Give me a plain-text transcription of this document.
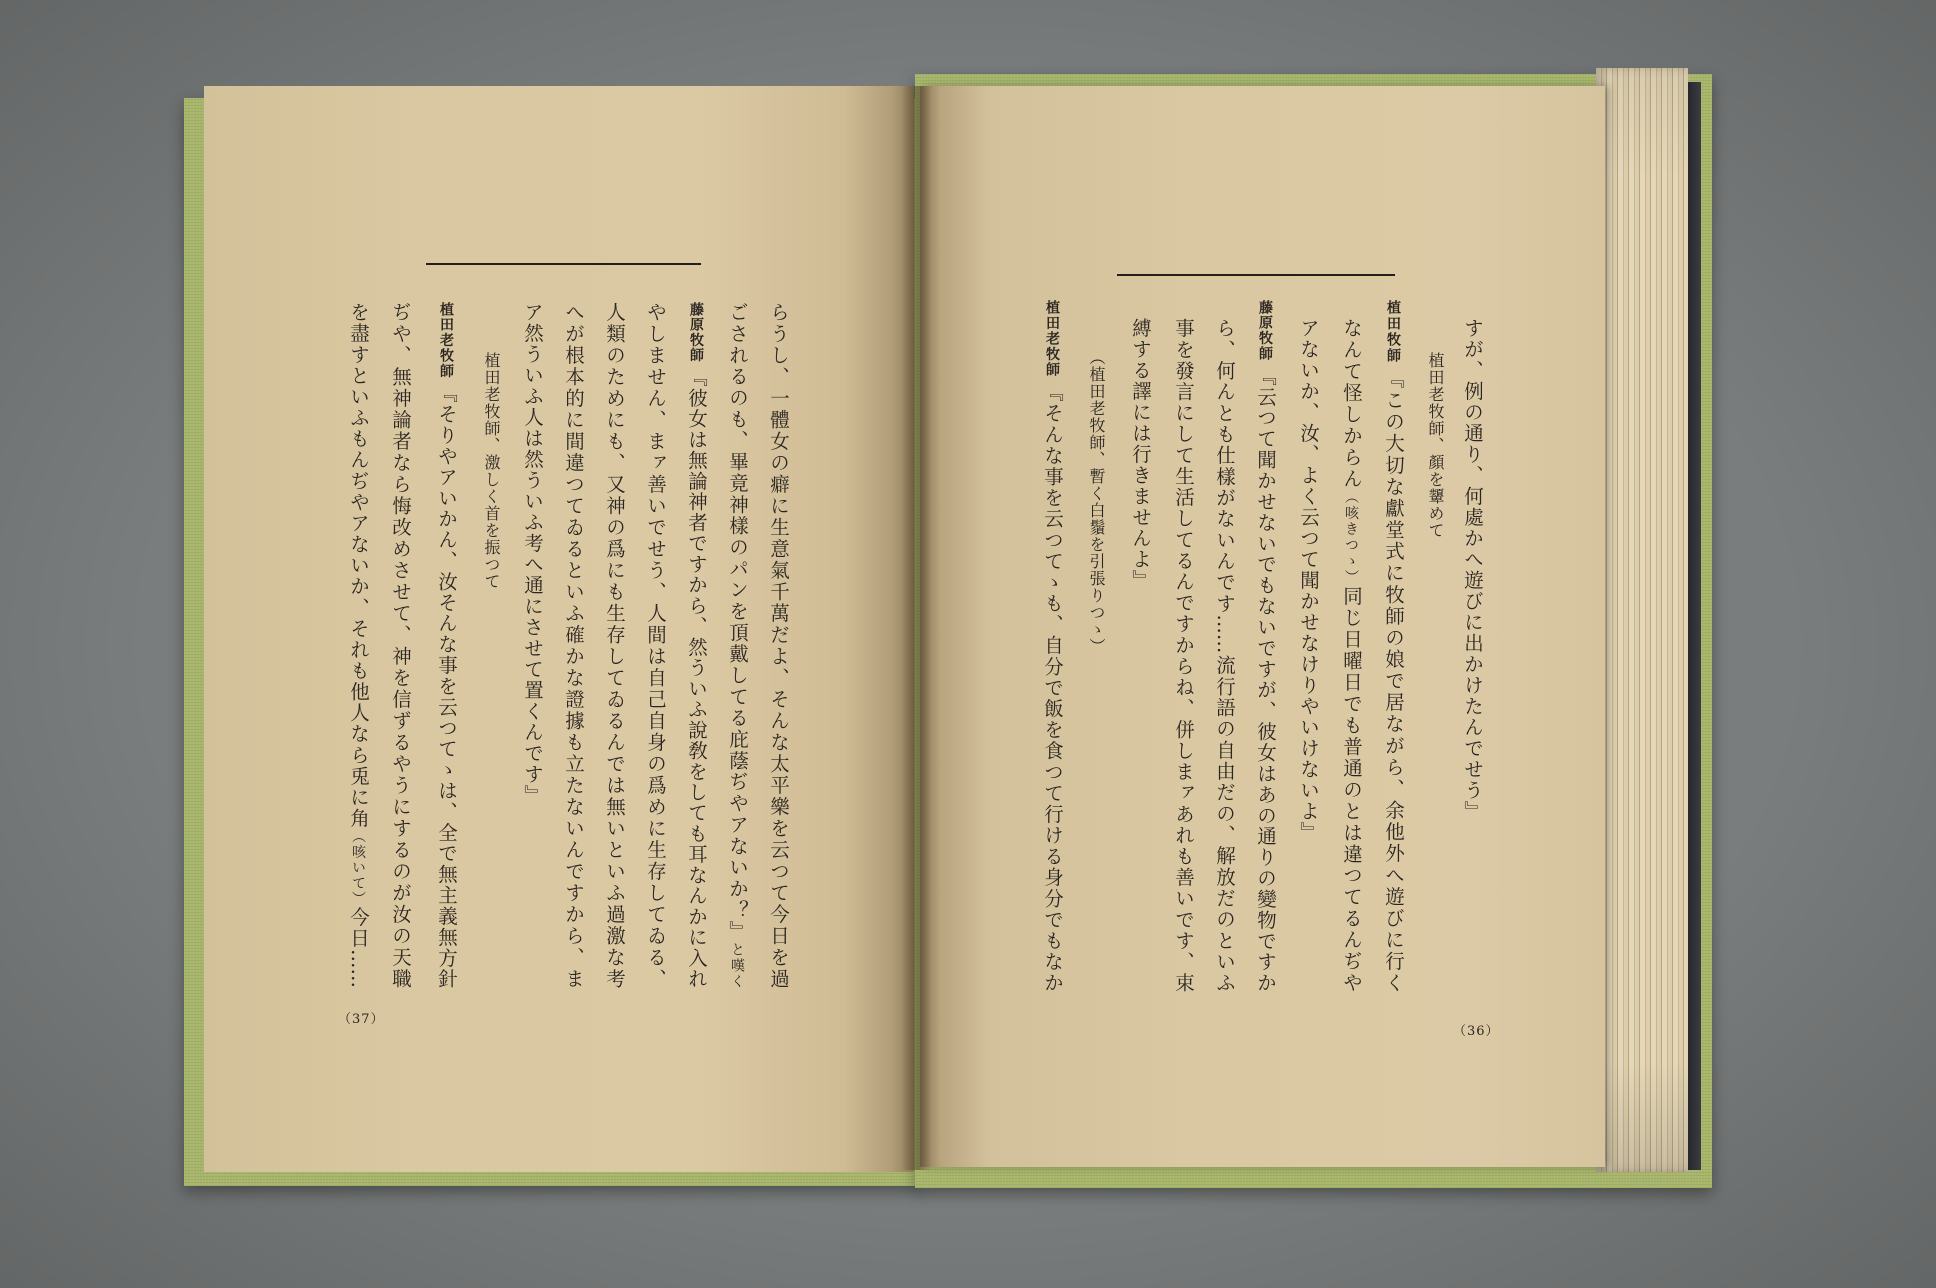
らうし、一體女の癖に生意氣千萬だよ、そんな太平樂を云つて今日を過
ごされるのも、畢竟神樣のパンを頂戴してる庇蔭ぢやアないか？』と嘆く
藤原牧師『彼女は無論神者ですから、然ういふ說敎をしても耳なんかに入れ
やしません、まァ善いでせう、人間は自己自身の爲めに生存してゐる、
人類のためにも、又神の爲にも生存してゐるんでは無いといふ過激な考
へが根本的に間違つてゐるといふ確かな證據も立たないんですから、ま
ア然ういふ人は然ういふ考へ通にさせて置くんです』
植田老牧師、激しく首を振つて
植田老牧師『そりやアいかん、汝そんな事を云つてゝは、全で無主義無方針
ぢや、無神論者なら悔改めさせて、神を信ずるやうにするのが汝の天職
を盡すといふもんぢやアないか、それも他人なら兎に角（咳いて）今日……
（37）
すが、例の通り、何處かへ遊びに出かけたんでせう』
植田老牧師、顏を顰めて
植田牧師『この大切な獻堂式に牧師の娘で居ながら、余他外へ遊びに行く
なんて怪しからん（咳きつゝ）同じ日曜日でも普通のとは違つてるんぢや
アないか、汝、よく云つて聞かせなけりやいけないよ』
藤原牧師『云つて聞かせないでもないですが、彼女はあの通りの變物ですか
ら、何んとも仕樣がないんです……流行語の自由だの、解放だのといふ
事を發言にして生活してるんですからね、併しまァあれも善いです、束
縛する譯には行きませんよ』
（植田老牧師、暫く白鬚を引張りつゝ）
植田老牧師『そんな事を云つてゝも、自分で飯を食つて行ける身分でもなか
（36）
